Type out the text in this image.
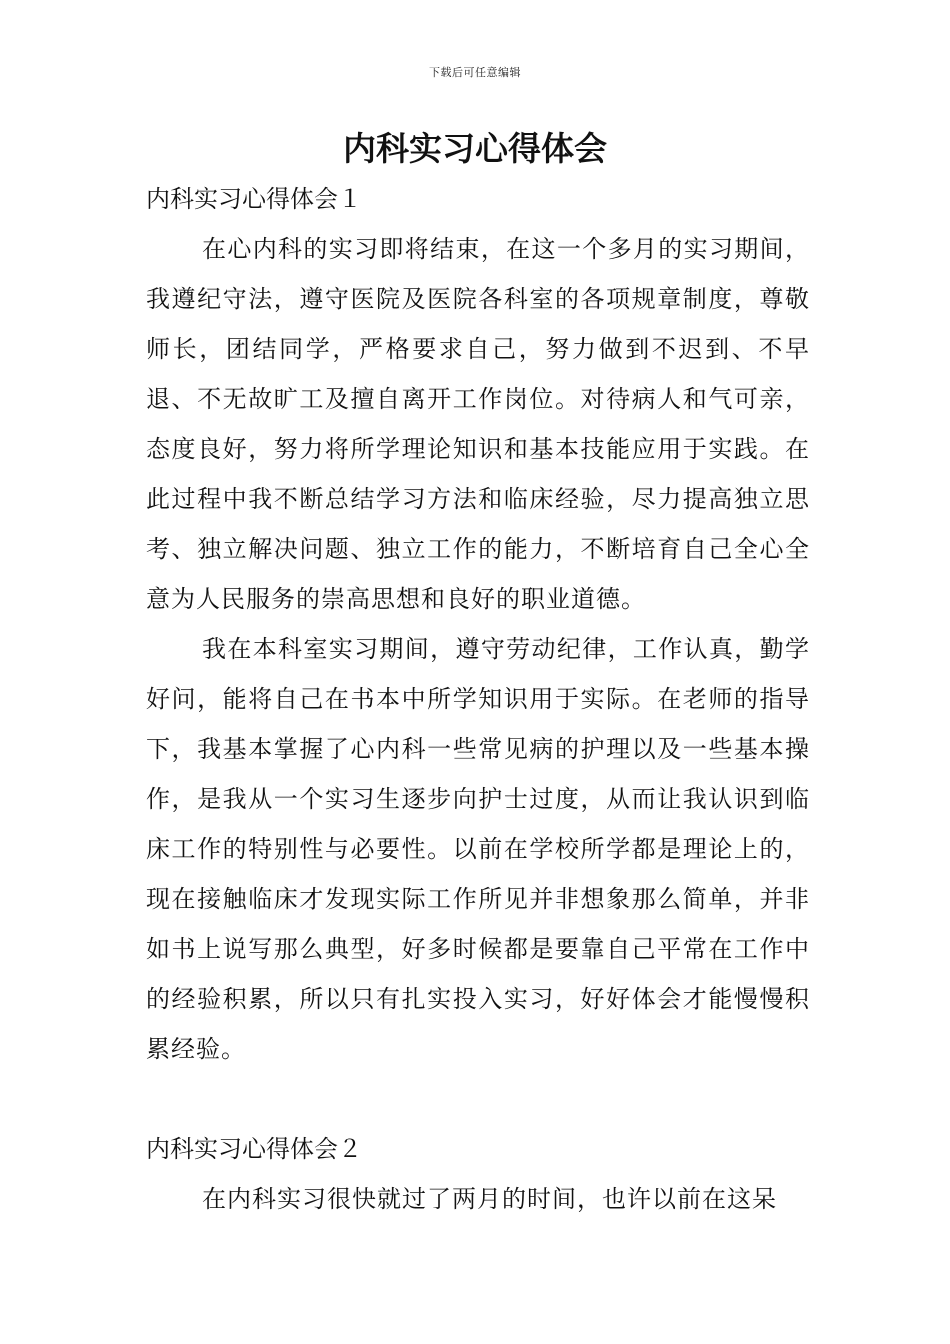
下载后可任意编辑
内科实习心得体会
内科实习心得体会１

在心内科的实习即将结束，在这一个多月的实习期间，我遵纪守法，遵守医院及医院各科室的各项规章制度，尊敬师长，团结同学，严格要求自己，努力做到不迟到、不早退、不无故旷工及擅自离开工作岗位。对待病人和气可亲，态度良好，努力将所学理论知识和基本技能应用于实践。在此过程中我不断总结学习方法和临床经验，尽力提高独立思考、独立解决问题、独立工作的能力，不断培育自己全心全意为人民服务的崇高思想和良好的职业道德。

我在本科室实习期间，遵守劳动纪律，工作认真，勤学好问，能将自己在书本中所学知识用于实际。在老师的指导下，我基本掌握了心内科一些常见病的护理以及一些基本操作，是我从一个实习生逐步向护士过度，从而让我认识到临床工作的特别性与必要性。以前在学校所学都是理论上的，现在接触临床才发现实际工作所见并非想象那么简单，并非如书上说写那么典型，好多时候都是要靠自己平常在工作中的经验积累，所以只有扎实投入实习，好好体会才能慢慢积累经验。

内科实习心得体会２

在内科实习很快就过了两月的时间，也许以前在这呆
